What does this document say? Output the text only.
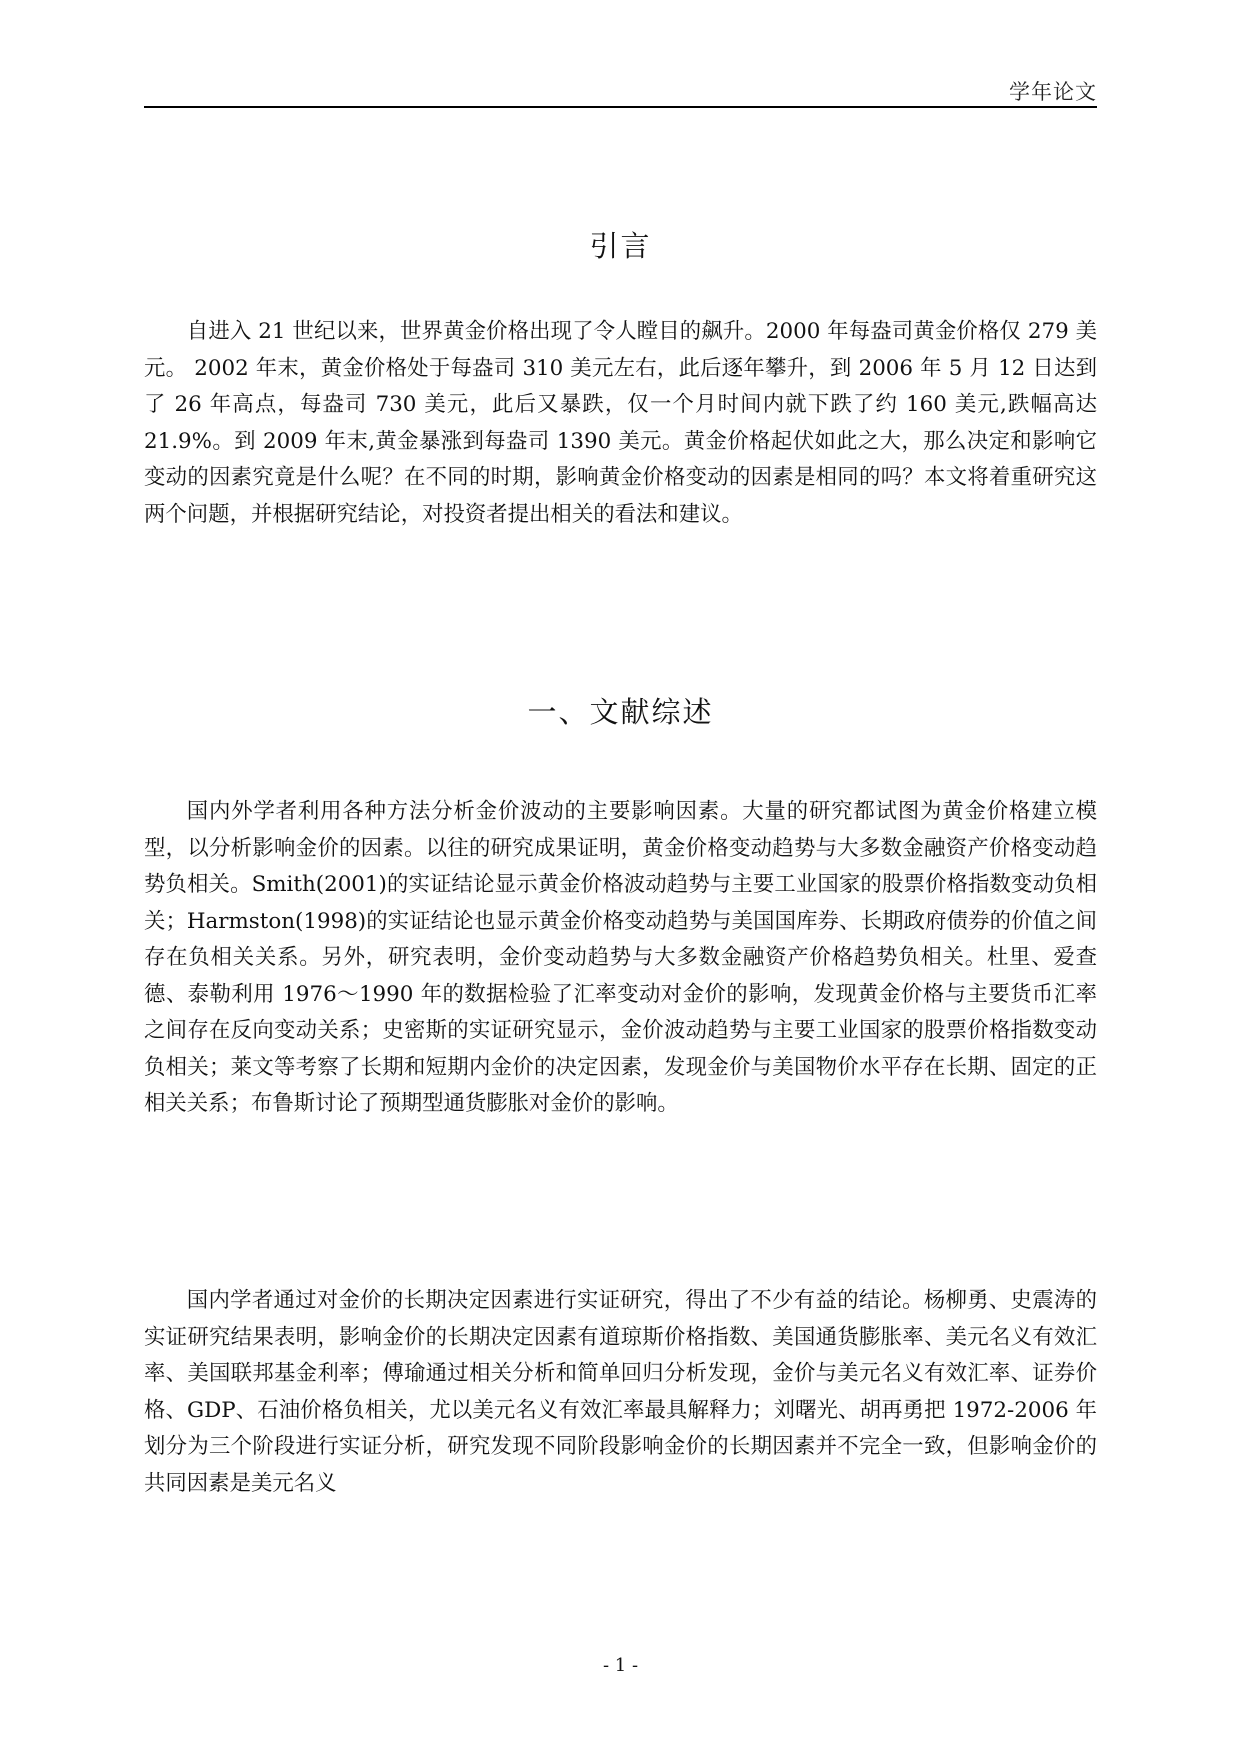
学年论文
引言

自进入 21 世纪以来，世界黄金价格出现了令人瞠目的飙升。2000 年每盎司黄金价格仅 279 美元。 2002 年末，黄金价格处于每盎司 310 美元左右，此后逐年攀升，到 2006 年 5 月 12 日达到了 26 年高点，每盎司 730 美元，此后又暴跌，仅一个月时间内就下跌了约 160 美元,跌幅高达 21.9%。到 2009 年末,黄金暴涨到每盎司 1390 美元。黄金价格起伏如此之大，那么决定和影响它变动的因素究竟是什么呢？在不同的时期，影响黄金价格变动的因素是相同的吗？本文将着重研究这两个问题，并根据研究结论，对投资者提出相关的看法和建议。

一、文献综述

国内外学者利用各种方法分析金价波动的主要影响因素。大量的研究都试图为黄金价格建立模型，以分析影响金价的因素。以往的研究成果证明，黄金价格变动趋势与大多数金融资产价格变动趋势负相关。Smith(2001)的实证结论显示黄金价格波动趋势与主要工业国家的股票价格指数变动负相关；Harmston(1998)的实证结论也显示黄金价格变动趋势与美国国库券、长期政府债券的价值之间存在负相关关系。另外，研究表明，金价变动趋势与大多数金融资产价格趋势负相关。杜里、爱查德、泰勒利用 1976～1990 年的数据检验了汇率变动对金价的影响，发现黄金价格与主要货币汇率之间存在反向变动关系；史密斯的实证研究显示，金价波动趋势与主要工业国家的股票价格指数变动负相关；莱文等考察了长期和短期内金价的决定因素，发现金价与美国物价水平存在长期、固定的正相关关系；布鲁斯讨论了预期型通货膨胀对金价的影响。

国内学者通过对金价的长期决定因素进行实证研究，得出了不少有益的结论。杨柳勇、史震涛的实证研究结果表明，影响金价的长期决定因素有道琼斯价格指数、美国通货膨胀率、美元名义有效汇率、美国联邦基金利率；傅瑜通过相关分析和简单回归分析发现，金价与美元名义有效汇率、证券价格、GDP、石油价格负相关，尤以美元名义有效汇率最具解释力；刘曙光、胡再勇把 1972-2006 年划分为三个阶段进行实证分析，研究发现不同阶段影响金价的长期因素并不完全一致，但影响金价的共同因素是美元名义

- 1 -
